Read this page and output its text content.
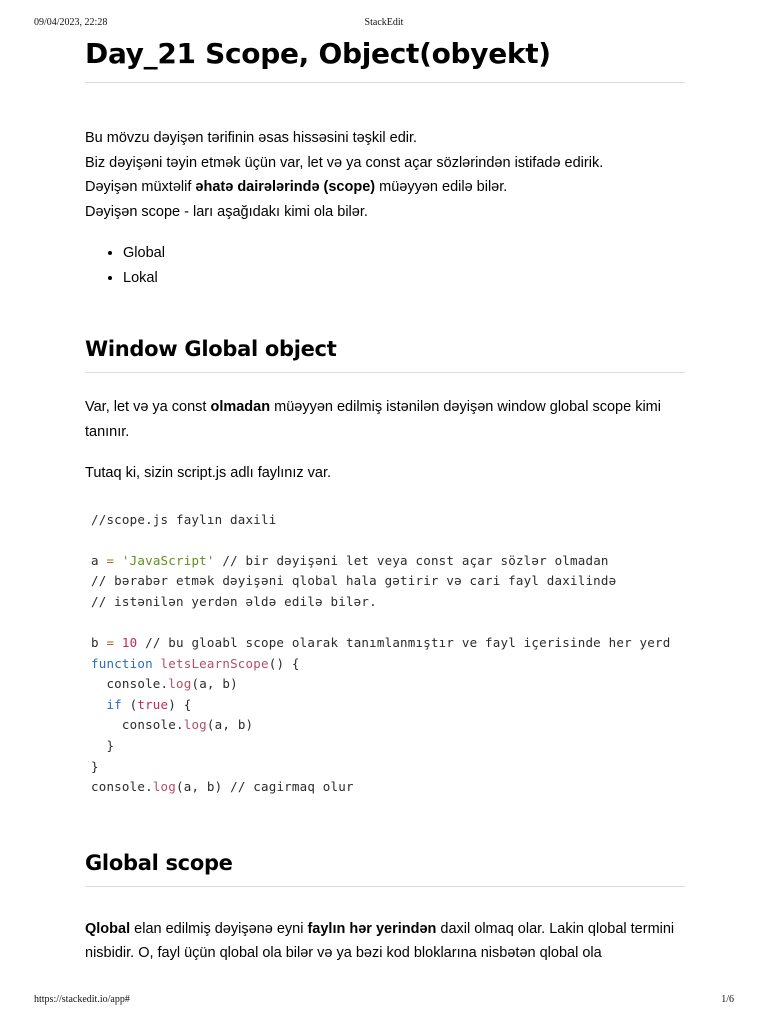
09/04/2023, 22:28	StackEdit
Day_21 Scope, Object(obyekt)

Bu mövzu dəyişən tərifinin əsas hissəsini təşkil edir.

Biz dəyişəni təyin etmək üçün var, let və ya const açar sözlərindən istifadə edirik.

Dəyişən müxtəlif əhatə dairələrində (scope) müəyyən edilə bilər.

Dəyişən scope - ları aşağıdakı kimi ola bilər.

• Global
• Lokal
Window Global object

Var, let və ya const olmadan müəyyən edilmiş istənilən dəyişən window global scope kimi tanınır.

Tutaq ki, sizin script.js adlı faylınız var.

//scope.js faylın daxili

a = 'JavaScript' // bir dəyişəni let veya const açar sözlər olmadan
// bərabər etmək dəyişəni qlobal hala gətirir və cari fayl daxilində
// istənilən yerdən əldə edilə bilər.

b = 10 // bu gloabl scope olarak tanımlanmıştır ve fayl içerisinde her yerd
function letsLearnScope() {
console.log(a, b)
if (true) {
console.log(a, b)
}
}
console.log(a, b) // cagirmaq olur
Global scope

Qlobal elan edilmiş dəyişənə eyni faylın hər yerindən daxil olmaq olar. Lakin qlobal termini nisbidir. O, fayl üçün qlobal ola bilər və ya bəzi kod bloklarına nisbətən qlobal ola

https://stackedit.io/app#	1/6
